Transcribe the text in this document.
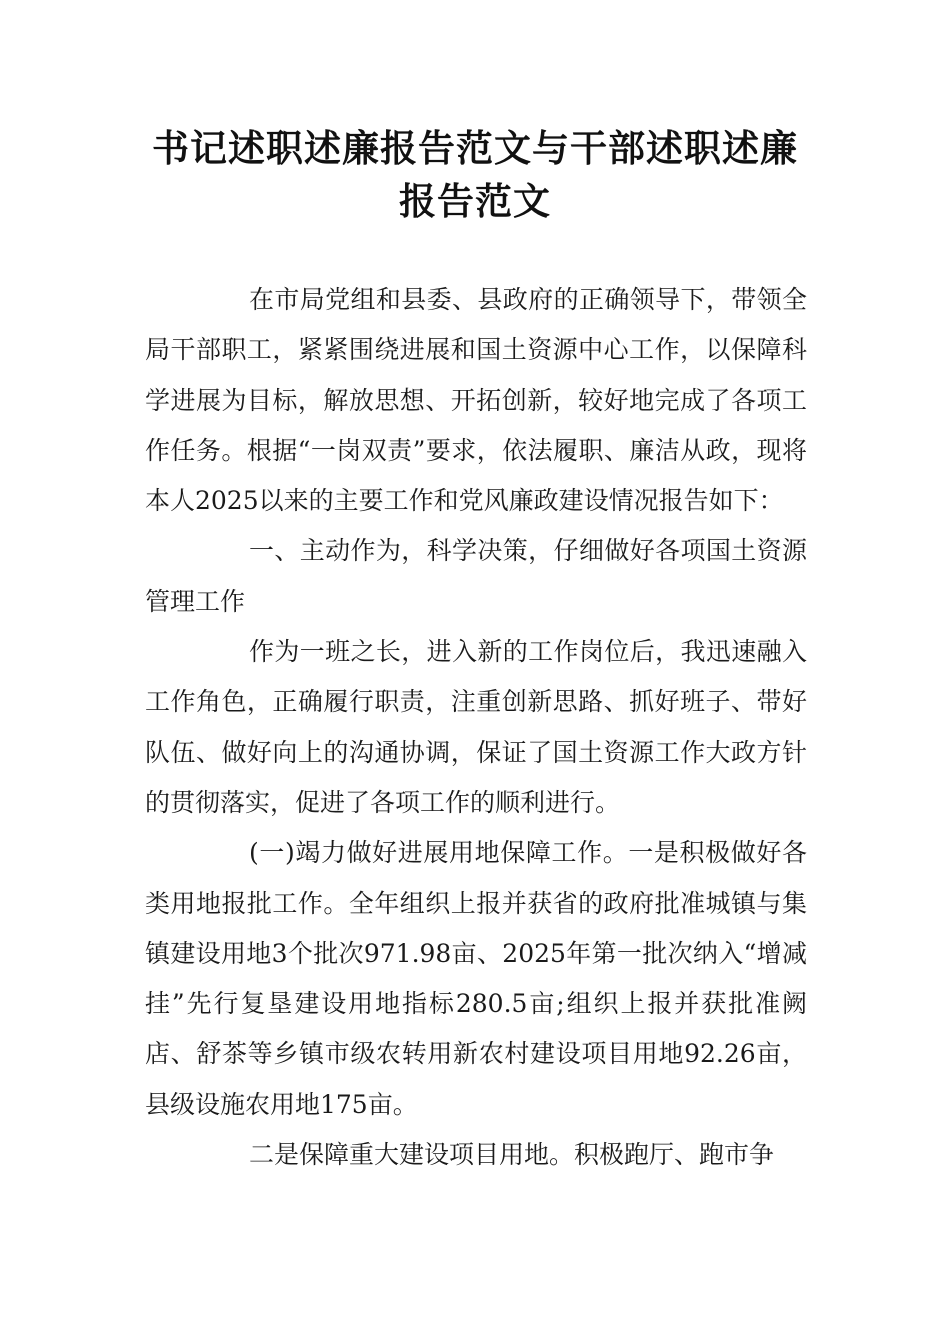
书记述职述廉报告范文与干部述职述廉报告范文

在市局党组和县委、县政府的正确领导下，带领全局干部职工，紧紧围绕进展和国土资源中心工作，以保障科学进展为目标，解放思想、开拓创新，较好地完成了各项工作任务。根据“一岗双责”要求，依法履职、廉洁从政，现将本人2025以来的主要工作和党风廉政建设情况报告如下：

一、主动作为，科学决策，仔细做好各项国土资源管理工作

作为一班之长，进入新的工作岗位后，我迅速融入工作角色，正确履行职责，注重创新思路、抓好班子、带好队伍、做好向上的沟通协调，保证了国土资源工作大政方针的贯彻落实，促进了各项工作的顺利进行。

(一)竭力做好进展用地保障工作。一是积极做好各类用地报批工作。全年组织上报并获省的政府批准城镇与集镇建设用地3个批次971.98亩、2025年第一批次纳入“增减挂”先行复垦建设用地指标280.5亩;组织上报并获批准阙店、舒茶等乡镇市级农转用新农村建设项目用地92.26亩，县级设施农用地175亩。

二是保障重大建设项目用地。积极跑厅、跑市争
